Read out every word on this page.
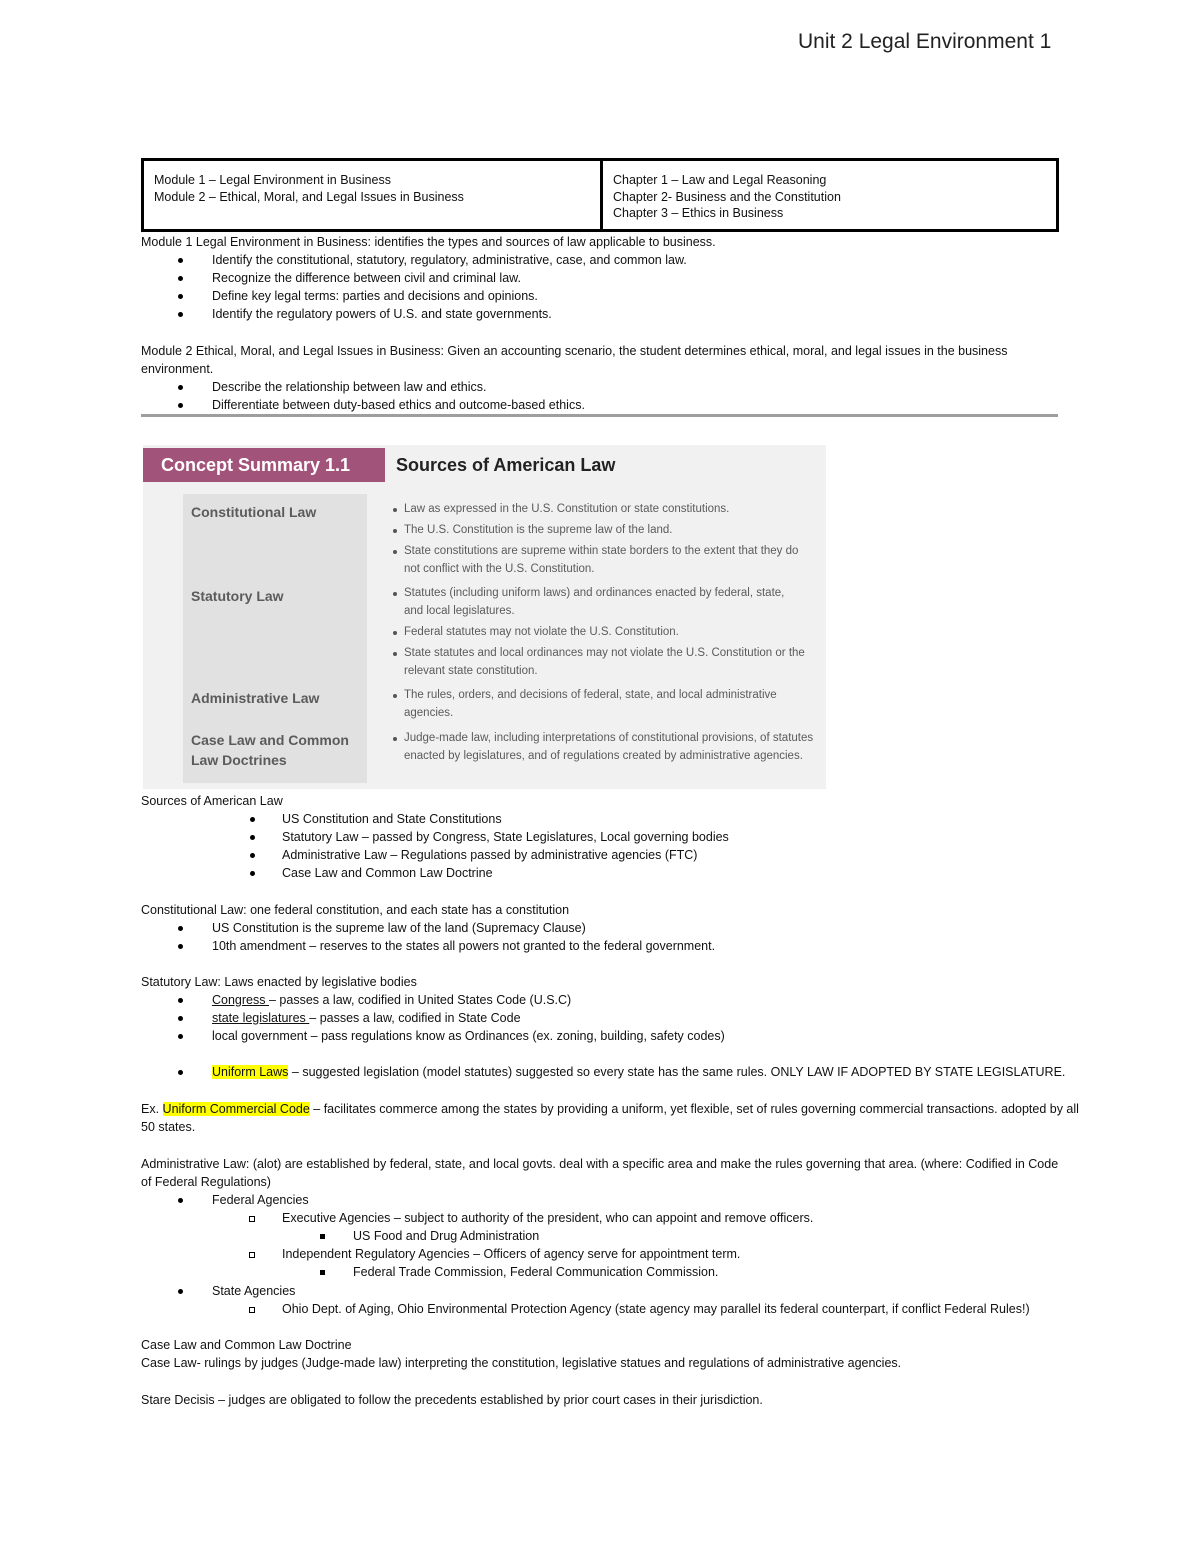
Unit 2 Legal Environment 1
Module 1 – Legal Environment in Business
Module 2 – Ethical, Moral, and Legal Issues in Business
Chapter 1 – Law and Legal Reasoning
Chapter 2- Business and the Constitution
Chapter 3 – Ethics in Business
Module 1 Legal Environment in Business: identifies the types and sources of law applicable to business.
Identify the constitutional, statutory, regulatory, administrative, case, and common law.
Recognize the difference between civil and criminal law.
Define key legal terms: parties and decisions and opinions.
Identify the regulatory powers of U.S. and state governments.
Module 2 Ethical, Moral, and Legal Issues in Business: Given an accounting scenario, the student determines ethical, moral, and legal issues in the business
environment.
Describe the relationship between law and ethics.
Differentiate between duty-based ethics and outcome-based ethics.
Concept Summary 1.1	Sources of American Law
Constitutional Law
Statutory Law
Administrative Law
Case Law and Common Law Doctrines
Law as expressed in the U.S. Constitution or state constitutions.
The U.S. Constitution is the supreme law of the land.
State constitutions are supreme within state borders to the extent that they do not conflict with the U.S. Constitution.
Statutes (including uniform laws) and ordinances enacted by federal, state, and local legislatures.
Federal statutes may not violate the U.S. Constitution.
State statutes and local ordinances may not violate the U.S. Constitution or the relevant state constitution.
The rules, orders, and decisions of federal, state, and local administrative agencies.
Judge-made law, including interpretations of constitutional provisions, of statutes enacted by legislatures, and of regulations created by administrative agencies.
Sources of American Law
US Constitution and State Constitutions
Statutory Law – passed by Congress, State Legislatures, Local governing bodies
Administrative Law – Regulations passed by administrative agencies (FTC)
Case Law and Common Law Doctrine
Constitutional Law: one federal constitution, and each state has a constitution
US Constitution is the supreme law of the land (Supremacy Clause)
10th amendment – reserves to the states all powers not granted to the federal government.
Statutory Law: Laws enacted by legislative bodies
Congress – passes a law, codified in United States Code (U.S.C)
state legislatures – passes a law, codified in State Code
local government – pass regulations know as Ordinances (ex. zoning, building, safety codes)
Uniform Laws – suggested legislation (model statutes) suggested so every state has the same rules. ONLY LAW IF ADOPTED BY STATE LEGISLATURE.
Ex. Uniform Commercial Code – facilitates commerce among the states by providing a uniform, yet flexible, set of rules governing commercial transactions. adopted by all
50 states.
Administrative Law: (alot) are established by federal, state, and local govts. deal with a specific area and make the rules governing that area. (where: Codified in Code
of Federal Regulations)
Federal Agencies
Executive Agencies – subject to authority of the president, who can appoint and remove officers.
US Food and Drug Administration
Independent Regulatory Agencies – Officers of agency serve for appointment term.
Federal Trade Commission, Federal Communication Commission.
State Agencies
Ohio Dept. of Aging, Ohio Environmental Protection Agency (state agency may parallel its federal counterpart, if conflict Federal Rules!)
Case Law and Common Law Doctrine
Case Law- rulings by judges (Judge-made law) interpreting the constitution, legislative statues and regulations of administrative agencies.
Stare Decisis – judges are obligated to follow the precedents established by prior court cases in their jurisdiction.
